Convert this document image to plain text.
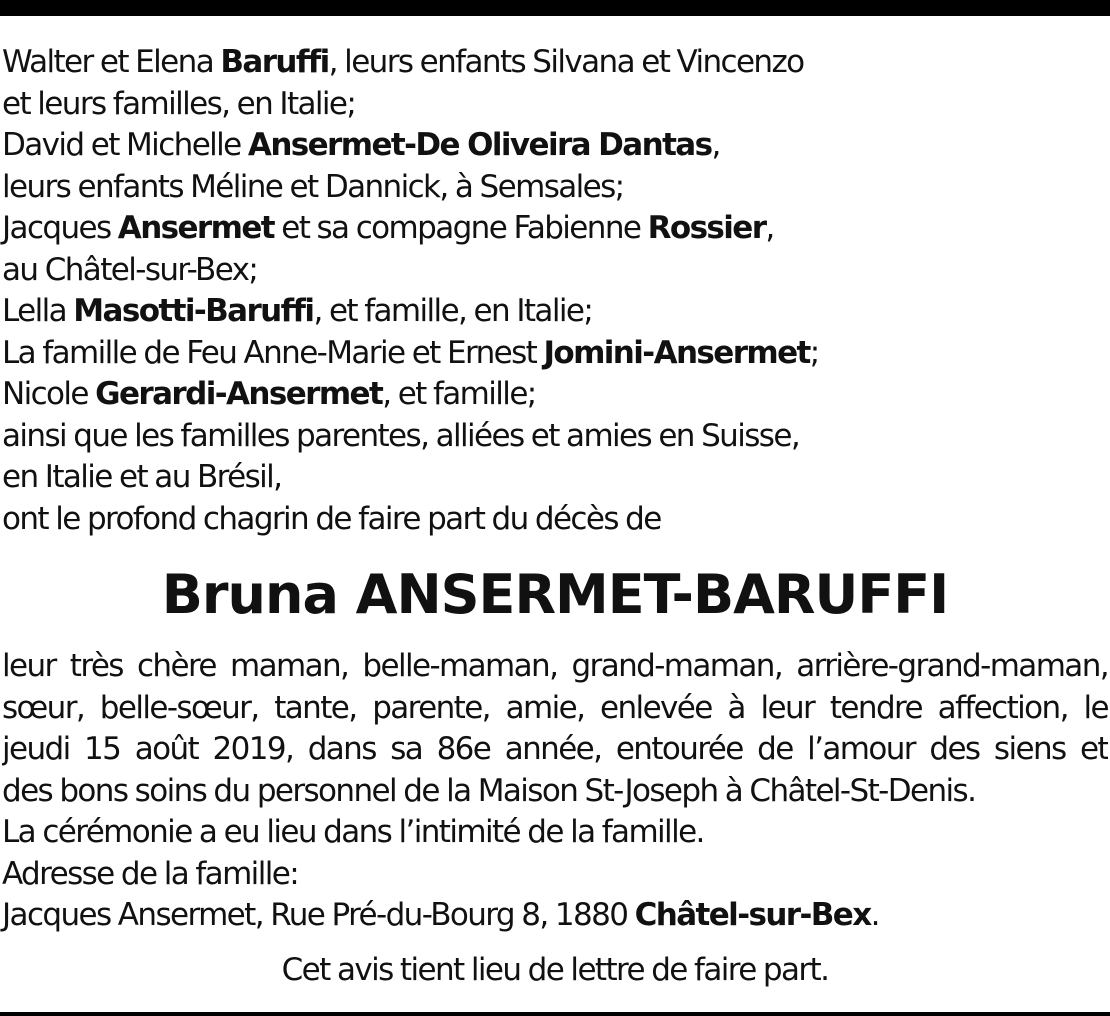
Walter et Elena Baruffi, leurs enfants Silvana et Vincenzo
et leurs familles, en Italie;
David et Michelle Ansermet-De Oliveira Dantas,
leurs enfants Méline et Dannick, à Semsales;
Jacques Ansermet et sa compagne Fabienne Rossier,
au Châtel-sur-Bex;
Lella Masotti-Baruffi, et famille, en Italie;
La famille de Feu Anne-Marie et Ernest Jomini-Ansermet;
Nicole Gerardi-Ansermet, et famille;
ainsi que les familles parentes, alliées et amies en Suisse,
en Italie et au Brésil,
ont le profond chagrin de faire part du décès de
Bruna ANSERMET-BARUFFI
leur très chère maman, belle-maman, grand-maman, arrière-grand-maman,
sœur, belle-sœur, tante, parente, amie, enlevée à leur tendre affection, le
jeudi 15 août 2019, dans sa 86e année, entourée de l’amour des siens et
des bons soins du personnel de la Maison St-Joseph à Châtel-St-Denis.
La cérémonie a eu lieu dans l’intimité de la famille.
Adresse de la famille:
Jacques Ansermet, Rue Pré-du-Bourg 8, 1880 Châtel-sur-Bex.
Cet avis tient lieu de lettre de faire part.
